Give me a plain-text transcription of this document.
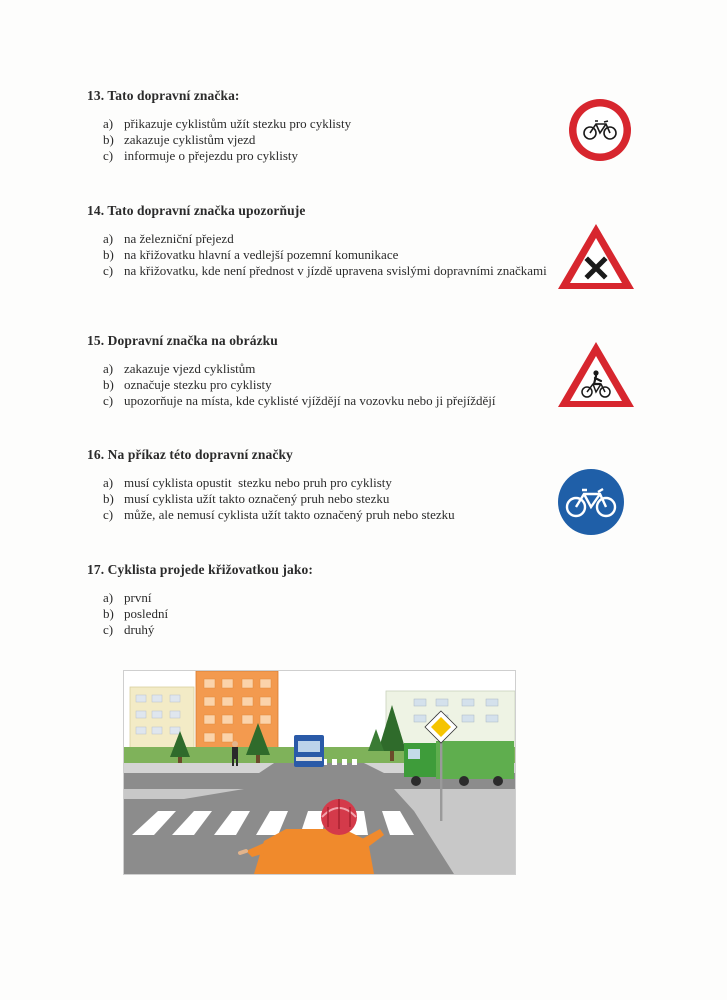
13. Tato dopravní značka:
a) přikazuje cyklistům užít stezku pro cyklisty
b) zakazuje cyklistům vjezd
c) informuje o přejezdu pro cyklisty
14. Tato dopravní značka upozorňuje
a) na železniční přejezd
b) na křižovatku hlavní a vedlejší pozemní komunikace
c) na křižovatku, kde není přednost v jízdě upravena svislými dopravními značkami
15. Dopravní značka na obrázku
a) zakazuje vjezd cyklistům
b) označuje stezku pro cyklisty
c) upozorňuje na místa, kde cyklisté vjíždějí na vozovku nebo ji přejíždějí
16. Na příkaz této dopravní značky
a) musí cyklista opustit  stezku nebo pruh pro cyklisty
b) musí cyklista užít takto označený pruh nebo stezku
c) může, ale nemusí cyklista užít takto označený pruh nebo stezku
17. Cyklista projede křižovatkou jako:
a) první
b) poslední
c) druhý
